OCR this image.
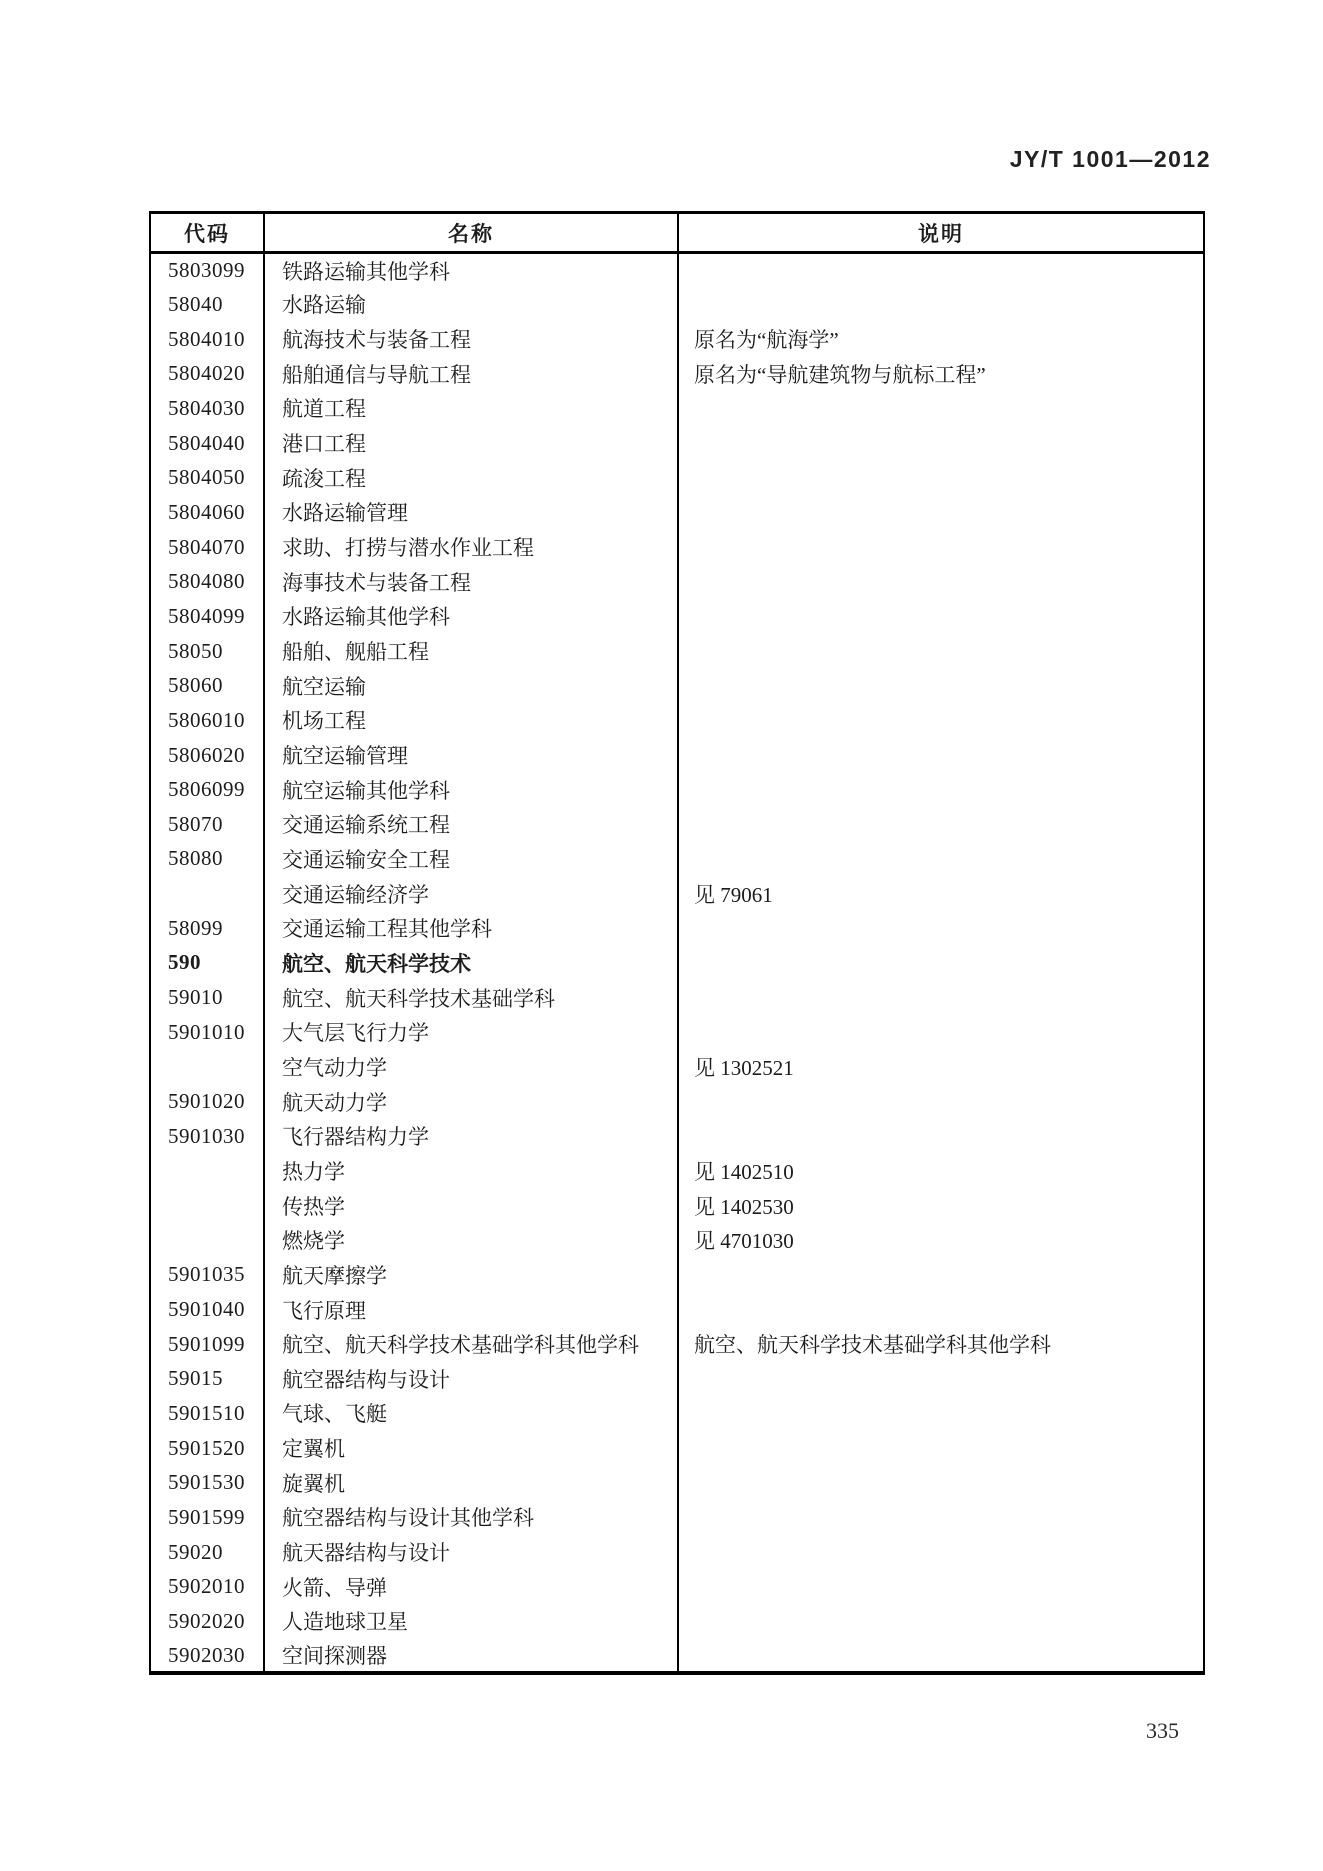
JY/T 1001—2012
代码	名称	说明
5803099	铁路运输其他学科	
58040	水路运输	
5804010	航海技术与装备工程	原名为“航海学”
5804020	船舶通信与导航工程	原名为“导航建筑物与航标工程”
5804030	航道工程	
5804040	港口工程	
5804050	疏浚工程	
5804060	水路运输管理	
5804070	求助、打捞与潜水作业工程	
5804080	海事技术与装备工程	
5804099	水路运输其他学科	
58050	船舶、舰船工程	
58060	航空运输	
5806010	机场工程	
5806020	航空运输管理	
5806099	航空运输其他学科	
58070	交通运输系统工程	
58080	交通运输安全工程	
	交通运输经济学	见 79061
58099	交通运输工程其他学科	
590	航空、航天科学技术	
59010	航空、航天科学技术基础学科	
5901010	大气层飞行力学	
	空气动力学	见 1302521
5901020	航天动力学	
5901030	飞行器结构力学	
	热力学	见 1402510
	传热学	见 1402530
	燃烧学	见 4701030
5901035	航天摩擦学	
5901040	飞行原理	
5901099	航空、航天科学技术基础学科其他学科	航空、航天科学技术基础学科其他学科
59015	航空器结构与设计	
5901510	气球、飞艇	
5901520	定翼机	
5901530	旋翼机	
5901599	航空器结构与设计其他学科	
59020	航天器结构与设计	
5902010	火箭、导弹	
5902020	人造地球卫星	
5902030	空间探测器	
335
